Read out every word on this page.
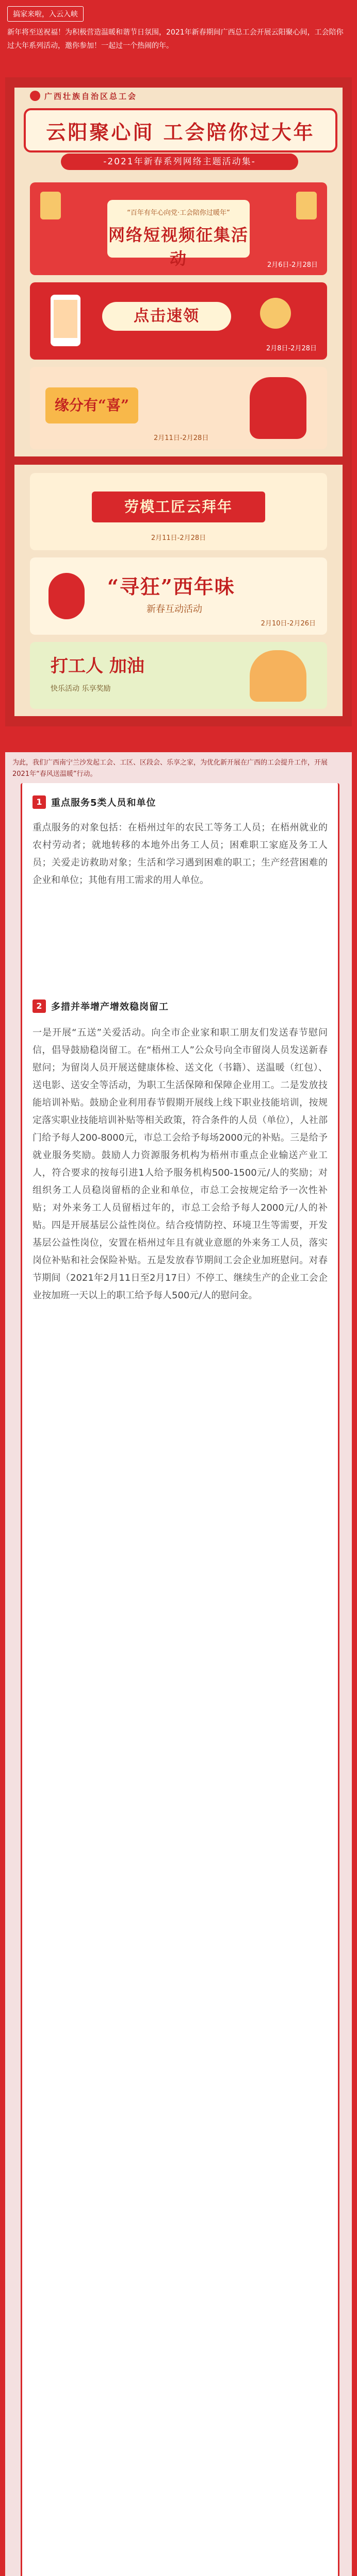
搞家来啦，入云入峡
新年将至送祝福！为积极营造温暖和谐节日氛围，2021年新春期间广西总工会开展云阳聚心间，工会陪你过大年系列活动，邀你参加！一起过一个热闹的年。
广西壮族自治区总工会
云阳聚心间 工会陪你过大年
-2021年新春系列网络主题活动集-
“百年有年心向党·工会陪你过暖年”
网络短视频征集活动	2月6日-2月28日
点击速领
2月8日-2月28日
缘分有“喜”
2月11日-2月28日
劳模工匠云拜年
2月11日-2月28日
“寻狂”西年味
新春互动活动
2月10日-2月26日
打工人 加油
快乐活动 乐享奖励
为此，我们广西南宁兰沙发起工会、工区、区段会、乐享之家，为优化新开展在广西的工会提升工作，开展2021年“春风送温暖”行动。
1 重点服务5类人员和单位
重点服务的对象包括：在梧州过年的农民工等务工人员；在梧州就业的农村劳动者；就地转移的本地外出务工人员；困难职工家庭及务工人员；关爱走访救助对象；生活和学习遇到困难的职工；生产经营困难的企业和单位；其他有用工需求的用人单位。
2 多措并举增产增效稳岗留工
一是开展“五送”关爱活动。向全市企业家和职工朋友们发送春节慰问信，倡导鼓励稳岗留工。在“梧州工人”公众号向全市留岗人员发送新春慰问；为留岗人员开展送健康体检、送文化（书籍）、送温暖（红包）、送电影、送安全等活动，为职工生活保障和保障企业用工。二是发放技能培训补贴。鼓励企业利用春节假期开展线上线下职业技能培训，按规定落实职业技能培训补贴等相关政策，符合条件的人员（单位），人社部门给予每人200-8000元，市总工会给予每场2000元的补贴。三是给予就业服务奖励。鼓励人力资源服务机构为梧州市重点企业输送产业工人，符合要求的按每引进1人给予服务机构500-1500元/人的奖励；对组织务工人员稳岗留梧的企业和单位，市总工会按规定给予一次性补贴；对外来务工人员留梧过年的，市总工会给予每人2000元/人的补贴。四是开展基层公益性岗位。结合疫情防控、环境卫生等需要，开发基层公益性岗位，安置在梧州过年且有就业意愿的外来务工人员，落实岗位补贴和社会保险补贴。五是发放春节期间工会企业加班慰问。对春节期间（2021年2月11日至2月17日）不停工、继续生产的企业工会企业按加班一天以上的职工给予每人500元/人的慰问金。
